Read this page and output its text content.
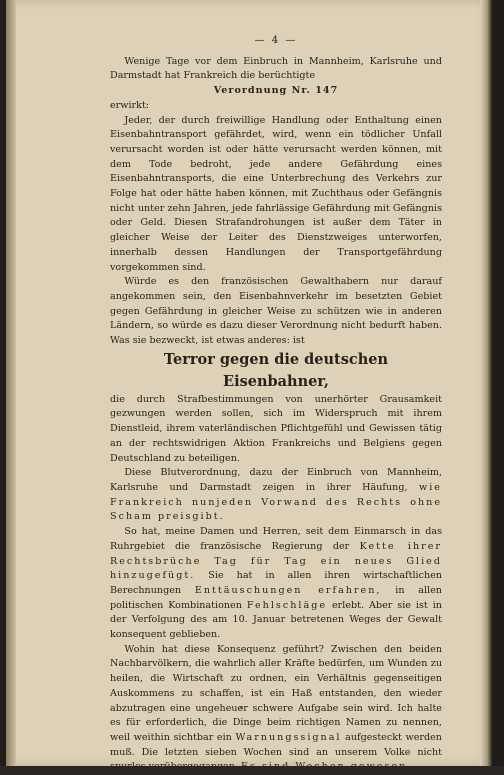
— 4 —

Wenige Tage vor dem Einbruch in Mannheim, Karlsruhe und Darmstadt hat Frankreich die berüchtigte

Verordnung Nr. 147

erwirkt:

Jeder, der durch freiwillige Handlung oder Enthaltung einen Eisenbahntransport gefährdet, wird, wenn ein tödlicher Unfall verursacht worden ist oder hätte verursacht werden können, mit dem Tode bedroht, jede andere Gefährdung eines Eisenbahntransports, die eine Unterbrechung des Verkehrs zur Folge hat oder hätte haben können, mit Zuchthaus oder Gefängnis nicht unter zehn Jahren, jede fahrlässige Gefährdung mit Gefängnis oder Geld. Diesen Strafandrohungen ist außer dem Täter in gleicher Weise der Leiter des Dienstzweiges unterworfen, innerhalb dessen Handlungen der Transportgefährdung vorgekommen sind.

Würde es den französischen Gewalthabern nur darauf angekommen sein, den Eisenbahnverkehr im besetzten Gebiet gegen Gefährdung in gleicher Weise zu schützen wie in anderen Ländern, so würde es dazu dieser Verordnung nicht bedurft haben. Was sie bezweckt, ist etwas anderes: ist

Terror gegen die deutschen Eisenbahner,

die durch Strafbestimmungen von unerhörter Grausamkeit gezwungen werden sollen, sich im Widerspruch mit ihrem Dienstleid, ihrem vaterländischen Pflichtgefühl und Gewissen tätig an der rechtswidrigen Aktion Frankreichs und Belgiens gegen Deutschland zu beteiligen.

Diese Blutverordnung, dazu der Einbruch von Mannheim, Karlsruhe und Darmstadt zeigen in ihrer Häufung, wie Frankreich nunjeden Vorwand des Rechts ohne Scham preisgibt.

So hat, meine Damen und Herren, seit dem Einmarsch in das Ruhrgebiet die französische Regierung der Kette ihrer Rechtsbrüche Tag für Tag ein neues Glied hinzugefügt. Sie hat in allen ihren wirtschaftlichen Berechnungen Enttäuschungen erfahren, in allen politischen Kombinationen Fehlschläge erlebt. Aber sie ist in der Verfolgung des am 10. Januar betretenen Weges der Gewalt konsequent geblieben.

Wohin hat diese Konsequenz geführt? Zwischen den beiden Nachbarvölkern, die wahrlich aller Kräfte bedürfen, um Wunden zu heilen, die Wirtschaft zu ordnen, ein Verhältnis gegenseitigen Auskommens zu schaffen, ist ein Haß entstanden, den wieder abzutragen eine ungeheuer schwere Aufgabe sein wird. Ich halte es für erforderlich, die Dinge beim richtigen Namen zu nennen, weil weithin sichtbar ein Warnungssignal aufgesteckt werden muß. Die letzten sieben Wochen sind an unserem Volke nicht spurlos vorübergegangen. Es sind Wochen gewesen,
